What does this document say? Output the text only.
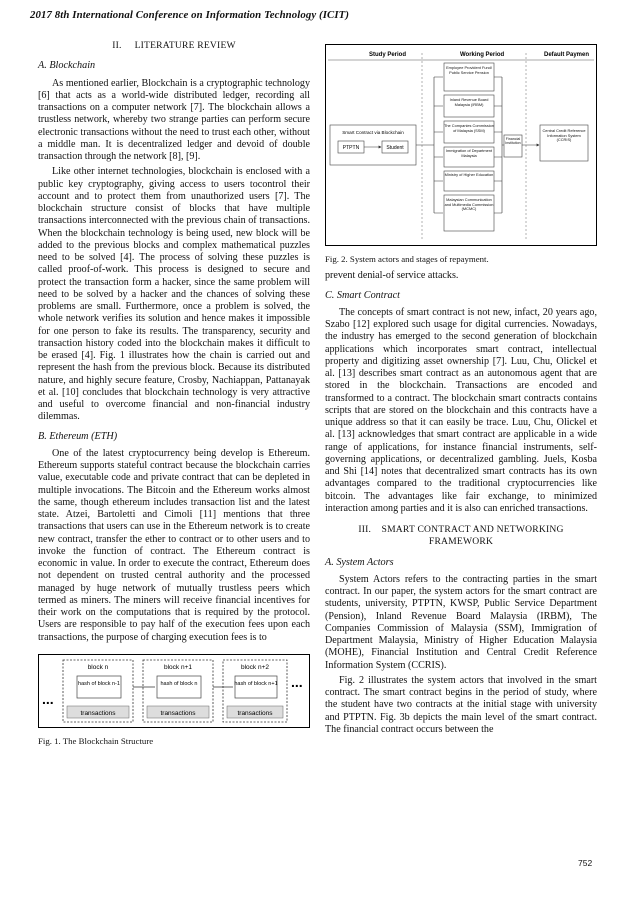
2017 8th International Conference on Information Technology (ICIT)
II.     LITERATURE REVIEW
A. Blockchain

As mentioned earlier, Blockchain is a cryptographic technology [6] that acts as a world-wide distributed ledger, recording all transactions on a computer network [7]. The blockchain allows a trustless network, whereby two strange parties can perform secure electronic transactions without the need to trust each other, without a middle man. It is decentralized ledger and devoid of double transaction through the network [8], [9].

Like other internet technologies, blockchain is enclosed with a public key cryptography, giving access to users tocontrol their account and to protect them from unauthorized users [7]. The blockchain structure consist of blocks that have multiple transactions interconnected with the previous chain of transactions. When the blockchain technology is being used, new block will be added to the previous blocks and complex mathematical puzzles need to be solved [4]. The process of solving these puzzles is called proof-of-work. This process is designed to secure and protect the transaction form a hacker, since the same problem will need to be solved by a hacker and the chances of solving these problems are small. Furthermore, once a problem is solved, the whole network verifies its solution and hence makes it impossible for one person to fake its results. The transparency, security and transaction history coded into the blockchain makes it difficult to be erased [4]. Fig. 1 illustrates how the chain is carried out and represent the hash from the previous block. Because its distributed nature, and highly secure feature, Crosby, Nachiappan, Pattanayak et al. [10] concludes that blockchain technology is very attractive and useful to overcome financial and non-financial industry dilemmas.

B. Ethereum (ETH)

One of the latest cryptocurrency being develop is Ethereum. Ethereum supports stateful contract because the blockchain carries value, executable code and private contract that can be depleted in multiple invocations. The Bitcoin and the Ethereum works almost the same, though ethereum includes transaction list and the latest state. Atzei, Bartoletti and Cimoli [11] mentions that three transactions that users can use in the Ethereum network is to create new contract, transfer the ether to contract or to other users and to invoke the function of contract. The Ethereum contract is economic in value. In order to execute the contract, Ethereum does not dependent on trusted central authority and the processed managed by huge network of mutually trustless peers which termed as miners. The miners will receive financial incentives for their work on the computations that is required by the protocol. Users are responsible to pay half of the execution fees upon each transactions, the purpose of charging execution fees is to

...
...
block n
hash of block n-1
transactions
block n+1
hash of block n
transactions
block n+2
hash of block n+1
transactions
Fig. 1. The Blockchain Structure
Study Period	Working Period	Default Paymen
Smart Contract via Blockchain
PTPTN	Student
Employee Provident Fund/ Public Service Pension
Inland Revenue Board Malaysia (IRBM)
The Companies Commission of Malaysia (SSM)
Immigration of Department Malaysia
Ministry of Higher Education
Malaysian Communication and Multimedia Commission (MCMC)
Financial Institution
Central Credit Reference Information System (CCRIS)
Fig. 2. System actors and stages of repayment.

prevent denial-of service attacks.

C. Smart Contract

The concepts of smart contract is not new, infact, 20 years ago, Szabo [12] explored such usage for digital currencies. Nowadays, the industry has emerged to the second generation of blockchain applications which incorporates smart contract, intellectual property and digitizing asset ownership [7]. Luu, Chu, Olickel et al. [13] describes smart contract as an autonomous agent that are stored in the blockchain. Transactions are encoded and transformed to a contract. The blockchain smart contracts contains scripts that are stored on the blockchain and this contracts have a unique address so that it can easily be trace. Luu, Chu, Olickel et al. [13] acknowledges that smart contract are applicable in a wide range of applications, for instance financial instruments, self-governing applications, or decentralized gambling. Juels, Kosba and Shi [14] notes that decentralized smart contracts has its own advantages compared to the traditional cryptocurrencies like bitcoin. The advantages like fair exchange, to minimized interaction among parties and it is also can enriched transactions.

III.    SMART CONTRACT AND NETWORKING FRAMEWORK
A. System Actors

System Actors refers to the contracting parties in the smart contract. In our paper, the system actors for the smart contract are students, university, PTPTN, KWSP, Public Service Department (Pension), Inland Revenue Board Malaysia (IRBM), The Companies Commission of Malaysia (SSM), Immigration of Department Malaysia, Ministry of Higher Education Malaysia (MOHE), Financial Institution and Central Credit Reference Information System (CCRIS).

Fig. 2 illustrates the system actors that involved in the smart contract. The smart contract begins in the period of study, where the student have two contracts at the initial stage with university and PTPTN. Fig. 3b depicts the main level of the smart contract. The financial contract occurs between the

752
